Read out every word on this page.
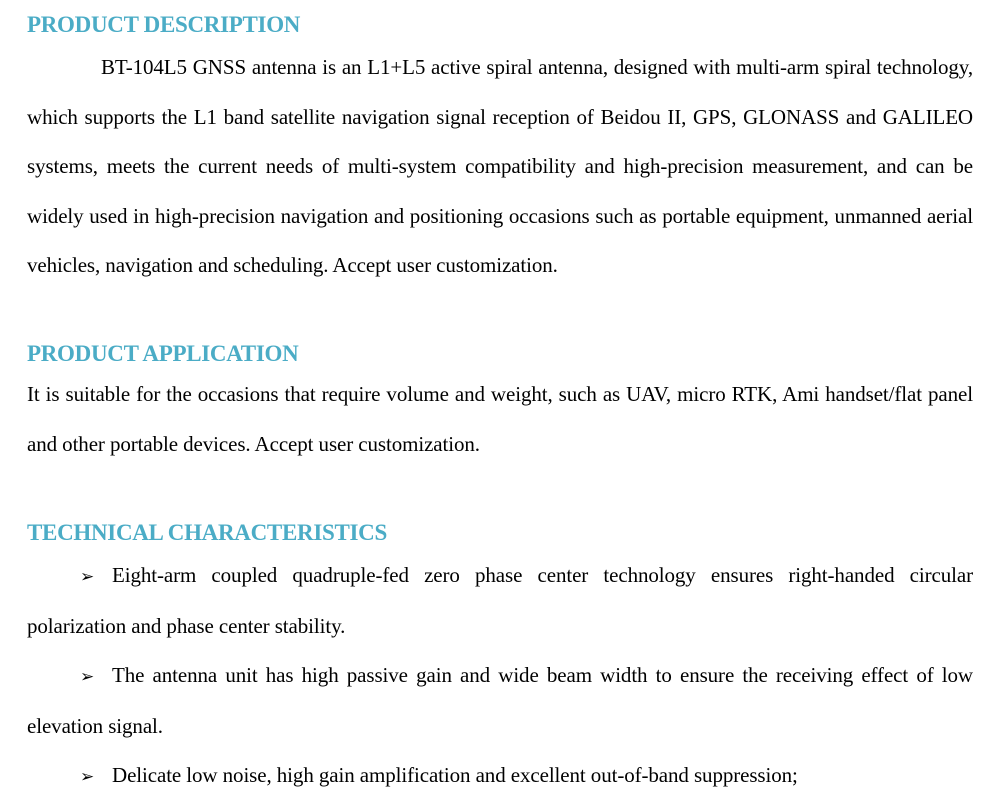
PRODUCT DESCRIPTION

BT-104L5 GNSS antenna is an L1+L5 active spiral antenna, designed with multi-arm spiral technology, which supports the L1 band satellite navigation signal reception of Beidou II, GPS, GLONASS and GALILEO systems, meets the current needs of multi-system compatibility and high-precision measurement, and can be widely used in high-precision navigation and positioning occasions such as portable equipment, unmanned aerial vehicles, navigation and scheduling. Accept user customization.

PRODUCT APPLICATION

It is suitable for the occasions that require volume and weight, such as UAV, micro RTK, Ami handset/flat panel and other portable devices. Accept user customization.

TECHNICAL CHARACTERISTICS
➢ Eight-arm coupled quadruple-fed zero phase center technology ensures right-handed circular polarization and phase center stability.
➢ The antenna unit has high passive gain and wide beam width to ensure the receiving effect of low elevation signal.
➢ Delicate low noise, high gain amplification and excellent out-of-band suppression;
